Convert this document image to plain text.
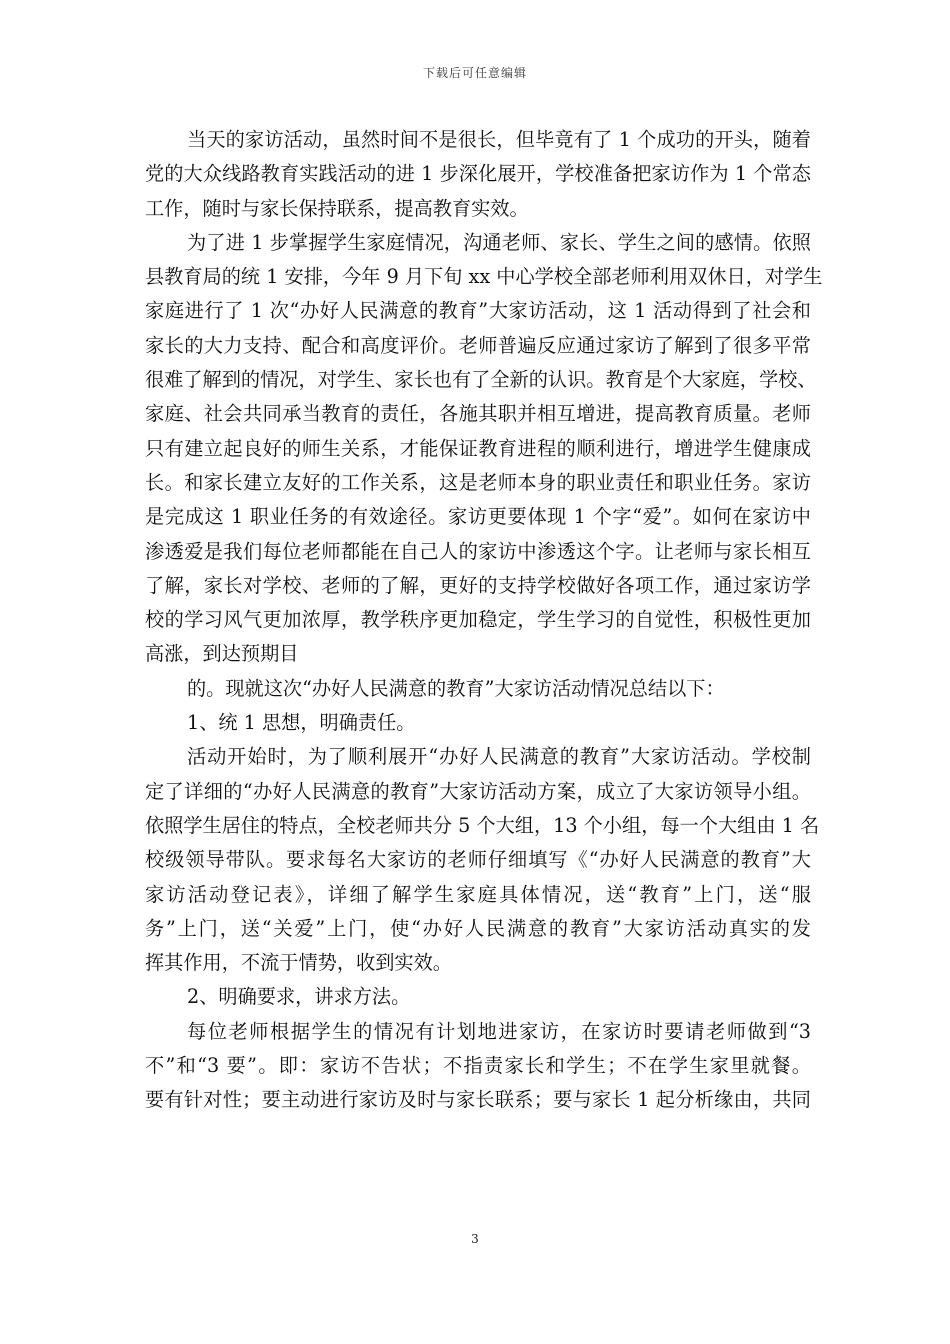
下载后可任意编辑
当天的家访活动，虽然时间不是很长，但毕竟有了 1 个成功的开头，随着
党的大众线路教育实践活动的进 1 步深化展开，学校准备把家访作为 1 个常态
工作，随时与家长保持联系，提高教育实效。
为了进 1 步掌握学生家庭情况，沟通老师、家长、学生之间的感情。依照
县教育局的统 1 安排，今年 9 月下旬 xx 中心学校全部老师利用双休日，对学生
家庭进行了 1 次“办好人民满意的教育”大家访活动，这 1 活动得到了社会和
家长的大力支持、配合和高度评价。老师普遍反应通过家访了解到了很多平常
很难了解到的情况，对学生、家长也有了全新的认识。教育是个大家庭，学校、
家庭、社会共同承当教育的责任，各施其职并相互增进，提高教育质量。老师
只有建立起良好的师生关系，才能保证教育进程的顺利进行，增进学生健康成
长。和家长建立友好的工作关系，这是老师本身的职业责任和职业任务。家访
是完成这 1 职业任务的有效途径。家访更要体现 1 个字“爱”。如何在家访中
渗透爱是我们每位老师都能在自己人的家访中渗透这个字。让老师与家长相互
了解，家长对学校、老师的了解，更好的支持学校做好各项工作，通过家访学
校的学习风气更加浓厚，教学秩序更加稳定，学生学习的自觉性，积极性更加
高涨，到达预期目
的。现就这次“办好人民满意的教育”大家访活动情况总结以下：
1、统 1 思想，明确责任。
活动开始时，为了顺利展开“办好人民满意的教育”大家访活动。学校制
定了详细的“办好人民满意的教育”大家访活动方案，成立了大家访领导小组。
依照学生居住的特点，全校老师共分 5 个大组，13 个小组，每一个大组由 1 名
校级领导带队。要求每名大家访的老师仔细填写《“办好人民满意的教育”大
家访活动登记表》，详细了解学生家庭具体情况，送“教育”上门，送“服
务”上门，送“关爱”上门，使“办好人民满意的教育”大家访活动真实的发
挥其作用，不流于情势，收到实效。
2、明确要求，讲求方法。
每位老师根据学生的情况有计划地进家访，在家访时要请老师做到“3
不”和“3 要”。即：家访不告状；不指责家长和学生；不在学生家里就餐。
要有针对性；要主动进行家访及时与家长联系；要与家长 1 起分析缘由，共同
3
